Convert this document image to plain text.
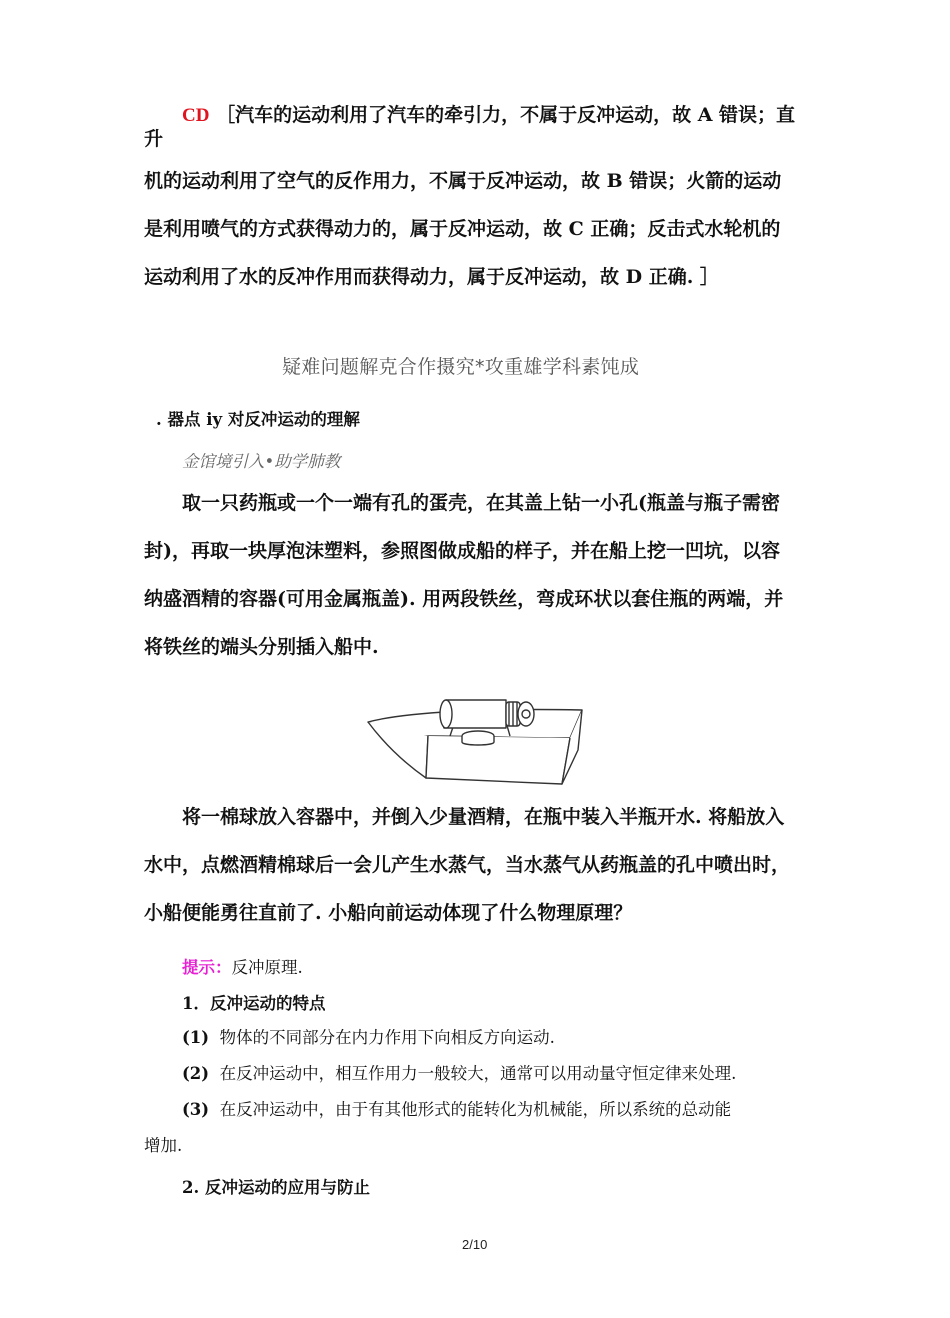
CD ［汽车的运动利用了汽车的牵引力，不属于反冲运动，故 A 错误；直
升
机的运动利用了空气的反作用力，不属于反冲运动，故 B 错误；火箭的运动
是利用喷气的方式获得动力的，属于反冲运动，故 C 正确；反击式水轮机的
运动利用了水的反冲作用而获得动力，属于反冲运动，故 D 正确. ］
疑难问题解克合作摄究*攻重雄学科素饨成
. 器点 iy 对反冲运动的理解
金馆境引入•助学肺教
取一只药瓶或一个一端有孔的蛋壳，在其盖上钻一小孔(瓶盖与瓶子需密
封)，再取一块厚泡沫塑料，参照图做成船的样子，并在船上挖一凹坑，以容
纳盛酒精的容器(可用金属瓶盖). 用两段铁丝，弯成环状以套住瓶的两端，并
将铁丝的端头分别插入船中.
将一棉球放入容器中，并倒入少量酒精，在瓶中装入半瓶开水. 将船放入
水中，点燃酒精棉球后一会儿产生水蒸气，当水蒸气从药瓶盖的孔中喷出时，
小船便能勇往直前了. 小船向前运动体现了什么物理原理？
提示：反冲原理.
1．反冲运动的特点
(1) 物体的不同部分在内力作用下向相反方向运动.
(2) 在反冲运动中，相互作用力一般较大，通常可以用动量守恒定律来处理.
(3) 在反冲运动中，由于有其他形式的能转化为机械能，所以系统的总动能
增加.
2. 反冲运动的应用与防止
2/10
